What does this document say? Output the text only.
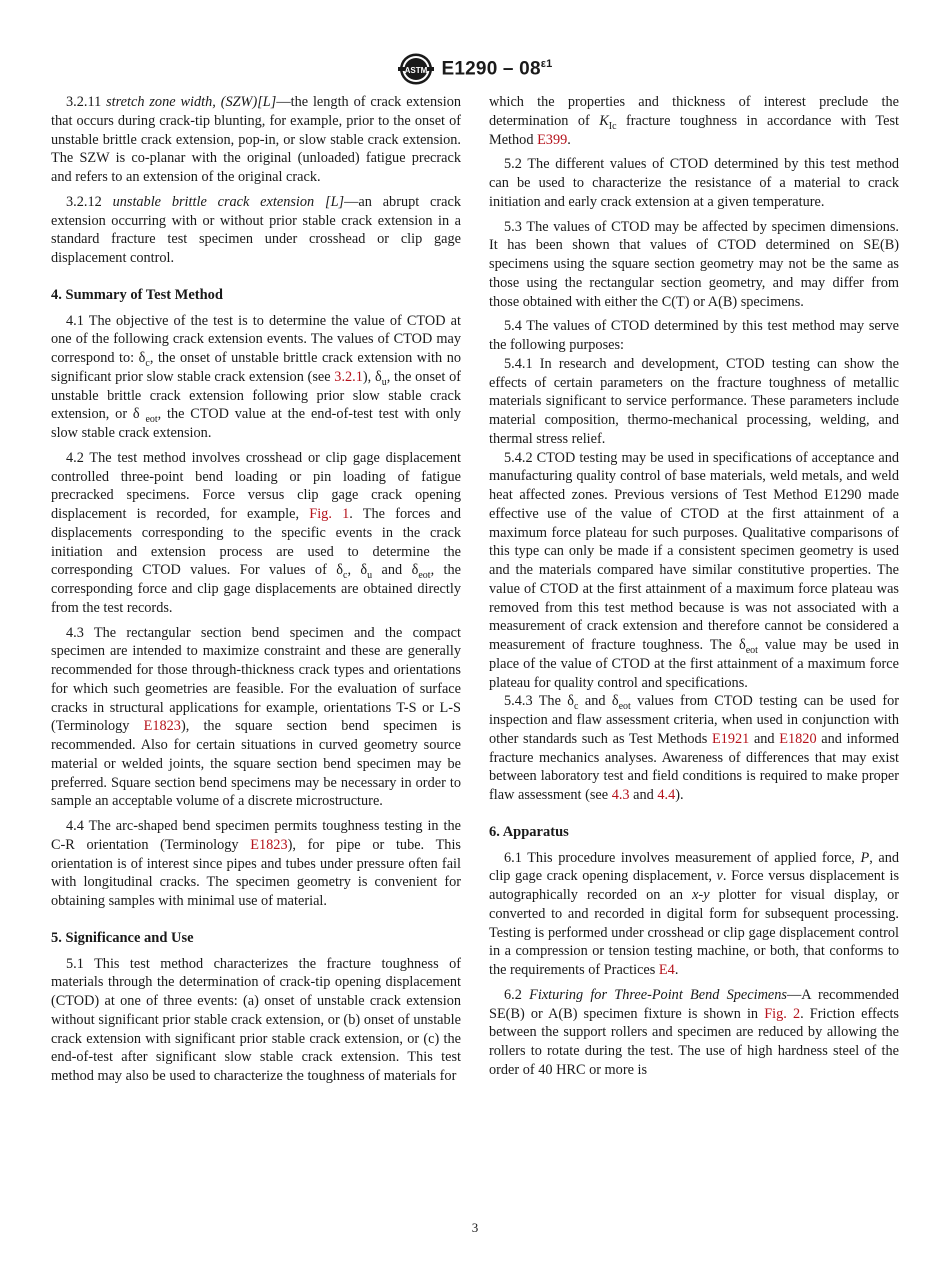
ASTM $E1290 - 08^{\varepsilon 1}$

3.2.11 stretch zone width, (SZW)[L]—the length of crack extension that occurs during crack-tip blunting, for example, prior to the onset of unstable brittle crack extension, pop-in, or slow stable crack extension. The SZW is co-planar with the original (unloaded) fatigue precrack and refers to an extension of the original crack.

3.2.12 unstable brittle crack extension [L]—an abrupt crack extension occurring with or without prior stable crack extension in a standard fracture test specimen under crosshead or clip gage displacement control.

4. Summary of Test Method

4.1 The objective of the test is to determine the value of CTOD at one of the following crack extension events. The values of CTOD may correspond to: $\delta_c$, the onset of unstable brittle crack extension with no significant prior slow stable crack extension (see 3.2.1), $\delta_u$, the onset of unstable brittle crack extension following prior slow stable crack extension, or δ $_{eot}$, the CTOD value at the end-of-test test with only slow stable crack extension.

4.2 The test method involves crosshead or clip gage displacement controlled three-point bend loading or pin loading of fatigue precracked specimens. Force versus clip gage crack opening displacement is recorded, for example, Fig. 1. The forces and displacements corresponding to the specific events in the crack initiation and extension process are used to determine the corresponding CTOD values. For values of $\delta_c$, $\delta_u$ and $\delta_{eot}$, the corresponding force and clip gage displacements are obtained directly from the test records.

4.3 The rectangular section bend specimen and the compact specimen are intended to maximize constraint and these are generally recommended for those through-thickness crack types and orientations for which such geometries are feasible. For the evaluation of surface cracks in structural applications for example, orientations T-S or L-S (Terminology E1823), the square section bend specimen is recommended. Also for certain situations in curved geometry source material or welded joints, the square section bend specimen may be preferred. Square section bend specimens may be necessary in order to sample an acceptable volume of a discrete microstructure.

4.4 The arc-shaped bend specimen permits toughness testing in the C-R orientation (Terminology E1823), for pipe or tube. This orientation is of interest since pipes and tubes under pressure often fail with longitudinal cracks. The specimen geometry is convenient for obtaining samples with minimal use of material.

5. Significance and Use

5.1 This test method characterizes the fracture toughness of materials through the determination of crack-tip opening displacement (CTOD) at one of three events: (a) onset of unstable crack extension without significant prior stable crack extension, or (b) onset of unstable crack extension with significant prior stable crack extension, or (c) the end-of-test after significant slow stable crack extension. This test method may also be used to characterize the toughness of materials for

which the properties and thickness of interest preclude the determination of $K_{Ic}$ fracture toughness in accordance with Test Method E399.

5.2 The different values of CTOD determined by this test method can be used to characterize the resistance of a material to crack initiation and early crack extension at a given temperature.

5.3 The values of CTOD may be affected by specimen dimensions. It has been shown that values of CTOD determined on SE(B) specimens using the square section geometry may not be the same as those using the rectangular section geometry, and may differ from those obtained with either the C(T) or A(B) specimens.

5.4 The values of CTOD determined by this test method may serve the following purposes:

5.4.1 In research and development, CTOD testing can show the effects of certain parameters on the fracture toughness of metallic materials significant to service performance. These parameters include material composition, thermo-mechanical processing, welding, and thermal stress relief.

5.4.2 CTOD testing may be used in specifications of acceptance and manufacturing quality control of base materials, weld metals, and weld heat affected zones. Previous versions of Test Method E1290 made effective use of the value of CTOD at the first attainment of a maximum force plateau for such purposes. Qualitative comparisons of this type can only be made if a consistent specimen geometry is used and the materials compared have similar constitutive properties. The value of CTOD at the first attainment of a maximum force plateau was removed from this test method because is was not associated with a measurement of crack extension and therefore cannot be considered a measurement of fracture toughness. The $\delta_{eot}$ value may be used in place of the value of CTOD at the first attainment of a maximum force plateau for quality control and specifications.

5.4.3 The $\delta_c$ and $\delta_{eot}$ values from CTOD testing can be used for inspection and flaw assessment criteria, when used in conjunction with other standards such as Test Methods E1921 and E1820 and informed fracture mechanics analyses. Awareness of differences that may exist between laboratory test and field conditions is required to make proper flaw assessment (see 4.3 and 4.4).

6. Apparatus

6.1 This procedure involves measurement of applied force, P, and clip gage crack opening displacement, v. Force versus displacement is autographically recorded on an x-y plotter for visual display, or converted to and recorded in digital form for subsequent processing. Testing is performed under crosshead or clip gage displacement control in a compression or tension testing machine, or both, that conforms to the requirements of Practices E4.

6.2 Fixturing for Three-Point Bend Specimens—A recommended SE(B) or A(B) specimen fixture is shown in Fig. 2. Friction effects between the support rollers and specimen are reduced by allowing the rollers to rotate during the test. The use of high hardness steel of the order of 40 HRC or more is

3
